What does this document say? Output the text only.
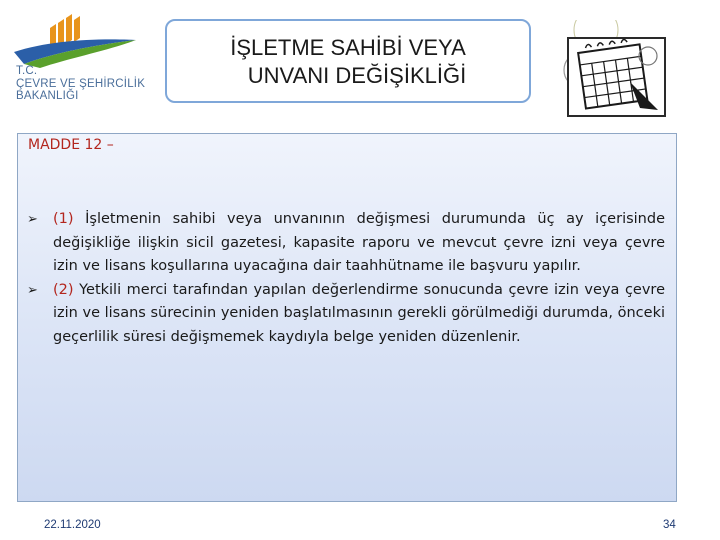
T.C.
ÇEVRE VE ŞEHİRCİLİK
BAKANLIĞI
İŞLETME SAHİBİ VEYA
UNVANI DEĞİŞİKLİĞİ
MADDE 12 –
➢	(1) İşletmenin sahibi veya unvanının değişmesi durumunda üç ay içerisinde değişikliğe ilişkin sicil gazetesi, kapasite raporu ve mevcut çevre izni veya çevre izin ve lisans koşullarına uyacağına dair taahhütname ile başvuru yapılır.
➢	(2) Yetkili merci tarafından yapılan değerlendirme sonucunda çevre izin veya çevre izin ve lisans sürecinin yeniden başlatılmasının gerekli görülmediği durumda, önceki geçerlilik süresi değişmemek kaydıyla belge yeniden düzenlenir.
22.11.2020	34
